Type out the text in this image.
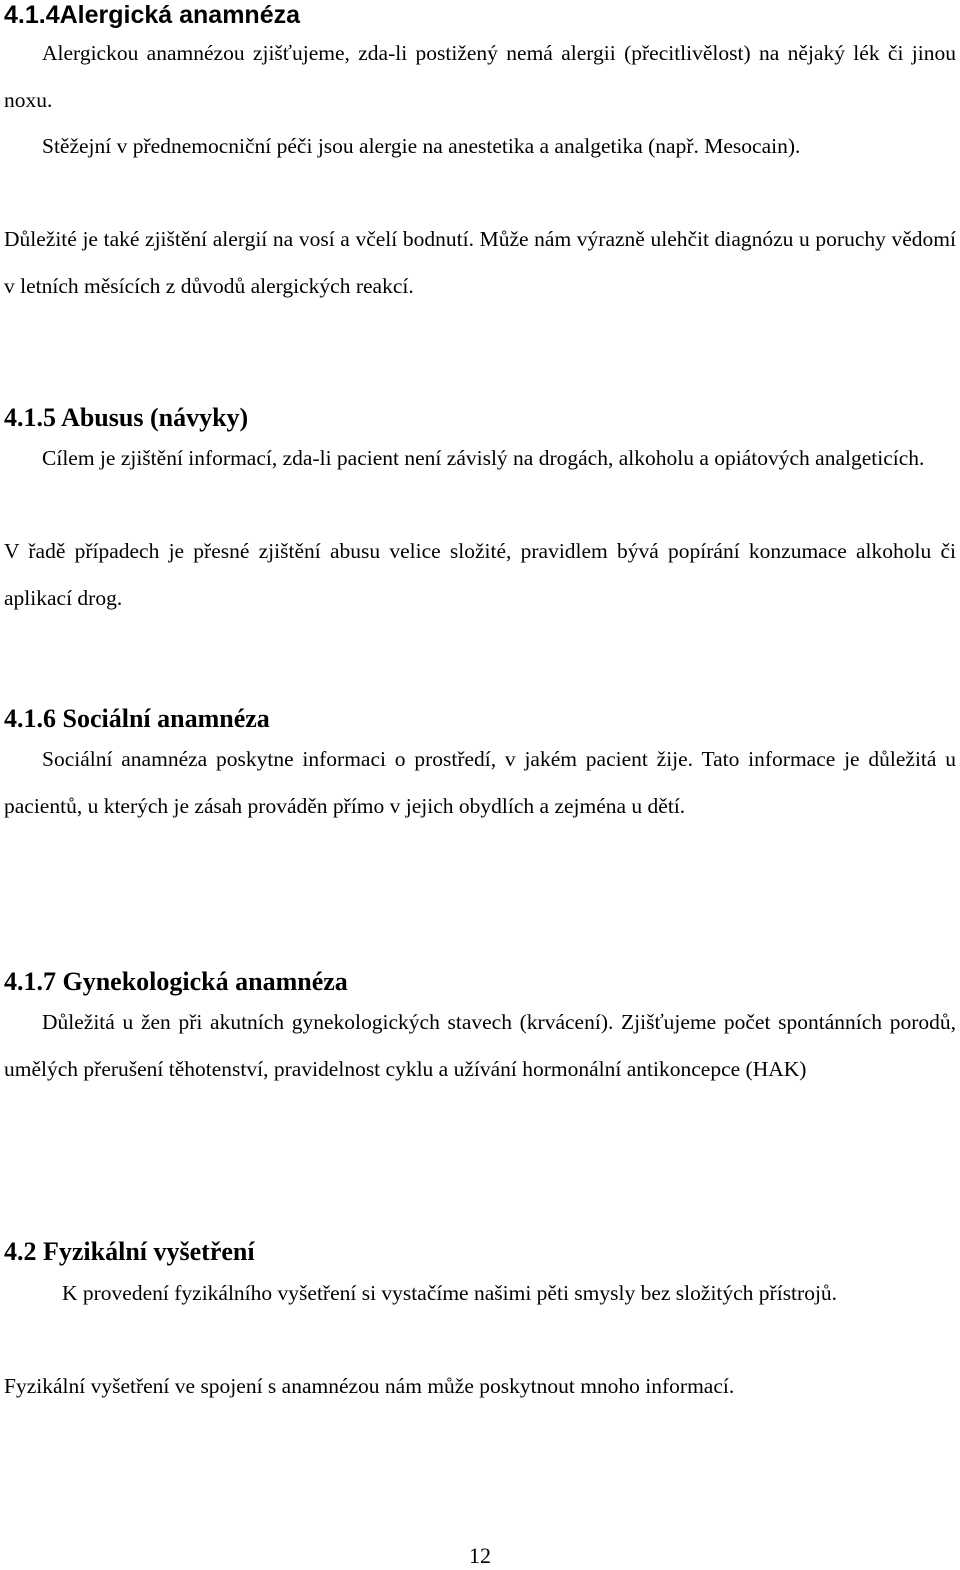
4.1.4Alergická anamnéza

Alergickou anamnézou zjišťujeme, zda-li postižený nemá alergii (přecitlivělost) na nějaký lék či jinou noxu.

Stěžejní v přednemocniční péči jsou alergie na anestetika a analgetika (např. Mesocain).

Důležité je také zjištění alergií na vosí a včelí bodnutí. Může nám výrazně ulehčit diagnózu u poruchy vědomí v letních měsících z důvodů alergických reakcí.

4.1.5 Abusus (návyky)

Cílem je zjištění informací, zda-li pacient není závislý na drogách, alkoholu a opiátových analgeticích.

V řadě případech je přesné zjištění abusu velice složité, pravidlem bývá popírání konzumace alkoholu či aplikací drog.

4.1.6 Sociální anamnéza

Sociální anamnéza poskytne informaci o prostředí, v jakém pacient žije. Tato informace je důležitá u pacientů, u kterých je zásah prováděn přímo v jejich obydlích a zejména u dětí.

4.1.7 Gynekologická anamnéza

Důležitá u žen při akutních gynekologických stavech (krvácení). Zjišťujeme počet spontánních porodů, umělých přerušení těhotenství, pravidelnost cyklu a užívání hormonální antikoncepce (HAK)

4.2 Fyzikální vyšetření

K provedení fyzikálního vyšetření si vystačíme našimi pěti smysly bez složitých přístrojů.

Fyzikální vyšetření ve spojení s anamnézou nám může poskytnout mnoho informací.

12
